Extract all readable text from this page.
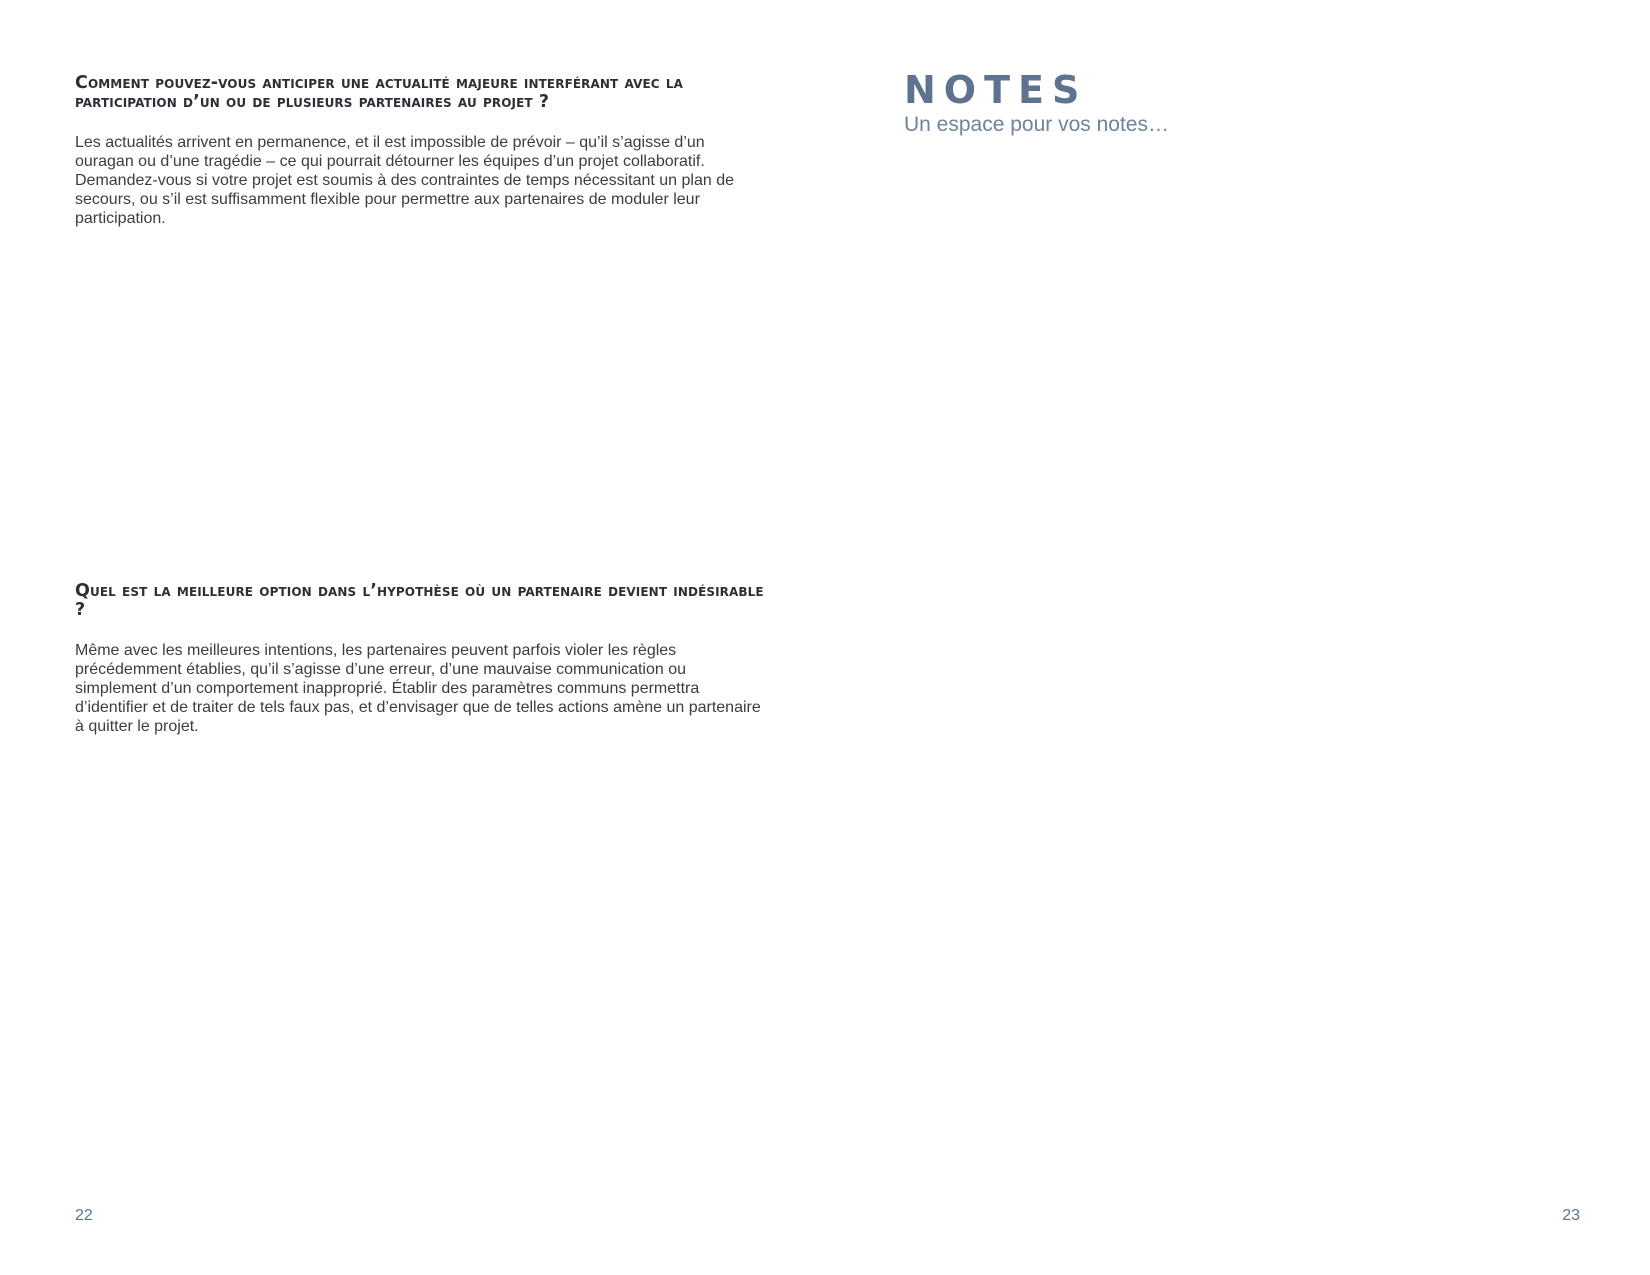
Comment pouvez-vous anticiper une actualité majeure interférant avec la participation d’un ou de plusieurs partenaires au projet ?

Les actualités arrivent en permanence, et il est impossible de prévoir – qu’il s’agisse d’un ouragan ou d’une tragédie – ce qui pourrait détourner les équipes d’un projet collaboratif. Demandez-vous si votre projet est soumis à des contraintes de temps nécessitant un plan de secours, ou s’il est suffisamment flexible pour permettre aux partenaires de moduler leur participation.

Quel est la meilleure option dans l’hypothèse où un partenaire devient indésirable ?

Même avec les meilleures intentions, les partenaires peuvent parfois violer les règles précédemment établies, qu’il s’agisse d’une erreur, d’une mauvaise communication ou simplement d’un comportement inapproprié. Établir des paramètres communs permettra d’identifier et de traiter de tels faux pas, et d’envisager que de telles actions amène un partenaire à quitter le projet.

22
NOTES
Un espace pour vos notes…
23
